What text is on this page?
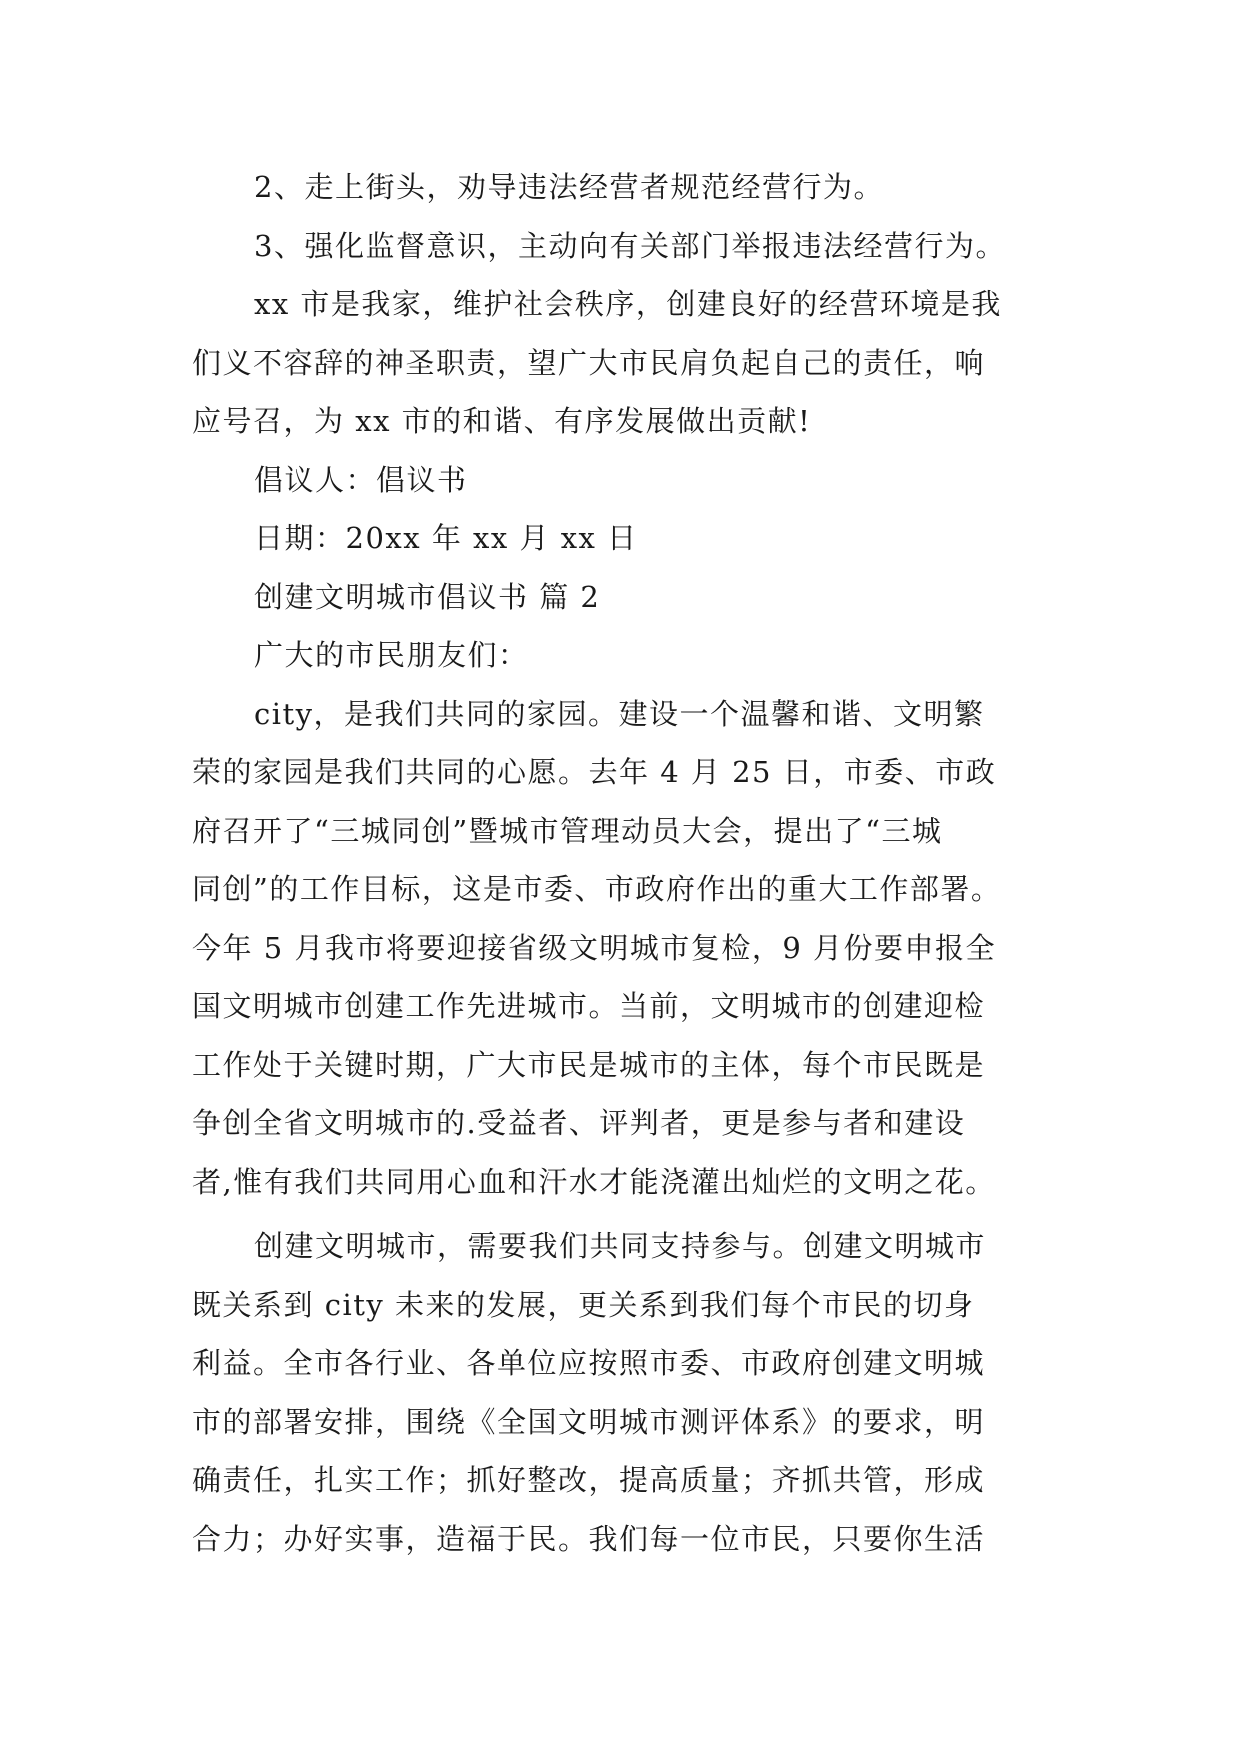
2、走上街头，劝导违法经营者规范经营行为。
3、强化监督意识，主动向有关部门举报违法经营行为。
xx 市是我家，维护社会秩序，创建良好的经营环境是我
们义不容辞的神圣职责，望广大市民肩负起自己的责任，响
应号召，为 xx 市的和谐、有序发展做出贡献!
倡议人：倡议书
日期：20xx 年 xx 月 xx 日
创建文明城市倡议书 篇 2
广大的市民朋友们：
city，是我们共同的家园。建设一个温馨和谐、文明繁
荣的家园是我们共同的心愿。去年 4 月 25 日，市委、市政
府召开了“三城同创”暨城市管理动员大会，提出了“三城
同创”的工作目标，这是市委、市政府作出的重大工作部署。
今年 5 月我市将要迎接省级文明城市复检，9 月份要申报全
国文明城市创建工作先进城市。当前，文明城市的创建迎检
工作处于关键时期，广大市民是城市的主体，每个市民既是
争创全省文明城市的.受益者、评判者，更是参与者和建设
者,惟有我们共同用心血和汗水才能浇灌出灿烂的文明之花。
创建文明城市，需要我们共同支持参与。创建文明城市
既关系到 city 未来的发展，更关系到我们每个市民的切身
利益。全市各行业、各单位应按照市委、市政府创建文明城
市的部署安排，围绕《全国文明城市测评体系》的要求，明
确责任，扎实工作；抓好整改，提高质量；齐抓共管，形成
合力；办好实事，造福于民。我们每一位市民，只要你生活
